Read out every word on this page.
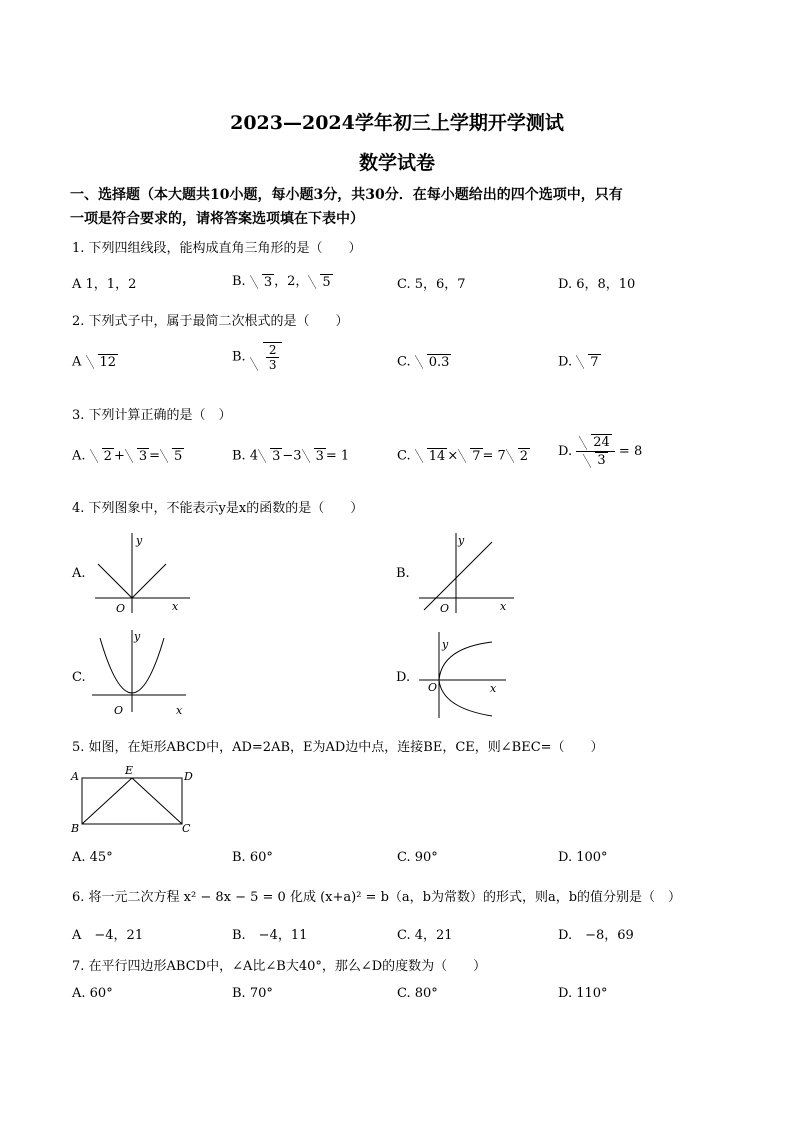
2023—2024学年初三上学期开学测试
数学试卷
一、选择题（本大题共10小题，每小题3分，共30分．在每小题给出的四个选项中，只有
一项是符合要求的，请将答案选项填在下表中）
1. 下列四组线段，能构成直角三角形的是（　　）
A 1，1，2	B. 3 ，2， 5	C. 5，6，7	D. 6，8，10
2. 下列式子中，属于最简二次根式的是（　　）
A 12	B. $\frac{2}{3}$	C. 0.3	D. 7
3. 下列计算正确的是（　）
A. 2 + 3 = 5	B. 4 3 −3 3 = 1	C. 14 × 7 = 7 2 D. $\frac{24}{3} = 8$
4. 下列图象中，不能表示y是x的函数的是（　　）
A.
y
x
O
B.
y
x
O
C.
y
x
O
D.
y
x
O
5. 如图，在矩形ABCD中，AD=2AB，E为AD边中点，连接BE，CE，则∠BEC=（　　）
A	E	D
B	C
A. 45°	B. 60°	C. 90°	D. 100°
6. 将一元二次方程 x² − 8x − 5 = 0 化成 (x+a)² = b（a，b为常数）的形式，则a，b的值分别是（　）
A　−4，21	B.　−4，11	C. 4，21	D.　−8，69
7. 在平行四边形ABCD中，∠A比∠B大40°，那么∠D的度数为（　　）
A. 60°	B. 70°	C. 80°	D. 110°
